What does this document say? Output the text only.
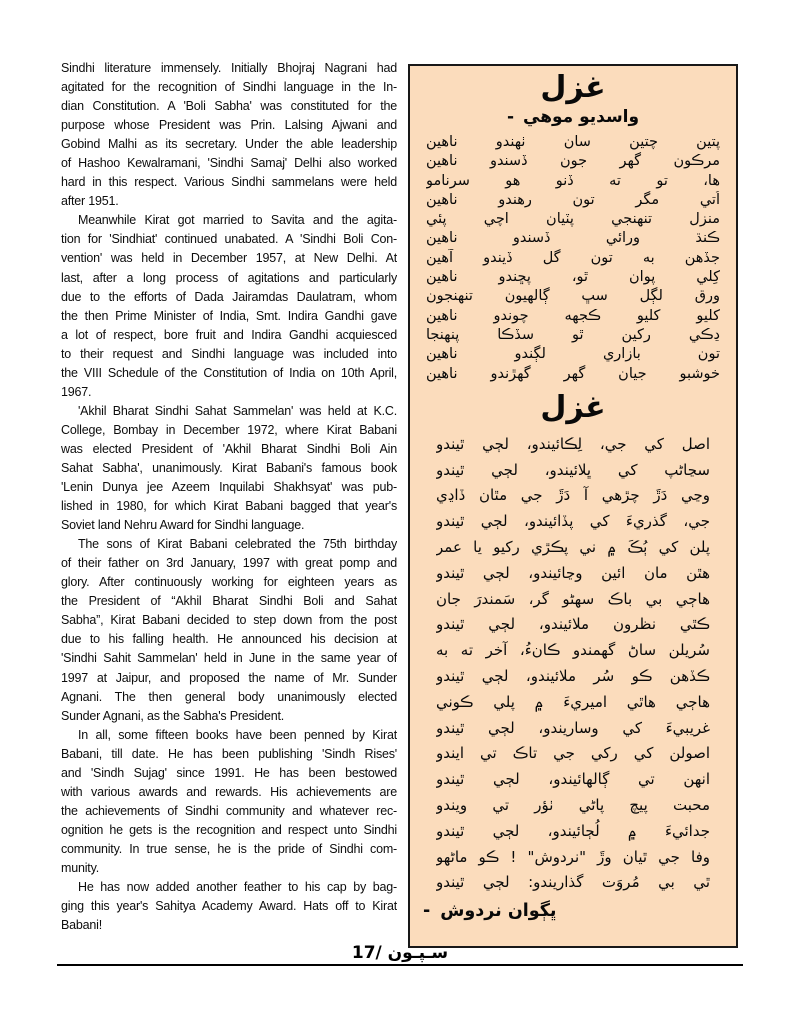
Sindhi literature immensely. Initially Bhojraj Nagrani had
agitated for the recognition of Sindhi language in the In-
dian Constitution. A 'Boli Sabha' was constituted for the
purpose whose President was Prin. Lalsing Ajwani and
Gobind Malhi as its secretary. Under the able leadership
of Hashoo Kewalramani, 'Sindhi Samaj' Delhi also worked
hard in this respect. Various Sindhi sammelans were held
after 1951.
Meanwhile Kirat got married to Savita and the agita-
tion for 'Sindhiat' continued unabated. A 'Sindhi Boli Con-
vention' was held in December 1957, at New Delhi. At
last, after a long process of agitations and particularly
due to the efforts of Dada Jairamdas Daulatram, whom
the then Prime Minister of India, Smt. Indira Gandhi gave
a lot of respect, bore fruit and Indira Gandhi acquiesced
to their request and Sindhi language was included into
the VIII Schedule of the Constitution of India on 10th April,
1967.
'Akhil Bharat Sindhi Sahat Sammelan' was held at K.C.
College, Bombay in December 1972, where Kirat Babani
was elected President of 'Akhil Bharat Sindhi Boli Ain
Sahat Sabha', unanimously. Kirat Babani's famous book
'Lenin Dunya jee Azeem Inquilabi Shakhsyat' was pub-
lished in 1980, for which Kirat Babani bagged that year's
Soviet land Nehru Award for Sindhi language.
The sons of Kirat Babani celebrated the 75th birthday
of their father on 3rd January, 1997 with great pomp and
glory. After continuously working for eighteen years as
the President of “Akhil Bharat Sindhi Boli and Sahat
Sabha”, Kirat Babani decided to step down from the post
due to his falling health. He announced his decision at
'Sindhi Sahit Sammelan' held in June in the same year of
1997 at Jaipur, and proposed the name of Mr. Sunder
Agnani. The then general body unanimously elected
Sunder Agnani, as the Sabha's President.
In all, some fifteen books have been penned by Kirat
Babani, till date. He has been publishing 'Sindh Rises'
and 'Sindh Sujag' since 1991. He has been bestowed
with various awards and rewards. His achievements are
the achievements of Sindhi community and whatever rec-
ognition he gets is the recognition and respect unto Sindhi
community. In true sense, he is the pride of Sindhi com-
munity.
He has now added another feather to his cap by bag-
ging this year's Sahitya Academy Award. Hats off to Kirat
Babani!
غزل
- واسديو موهي
پتين چتين سان ٺهندو ناهين
مرڪون گهر جون ڏسندو ناهين
ها، تو ته ڏنو هو سرنامو
اُتي مگر تون رهندو ناهين
منزل تنهنجي پٽيان اچي پئي
ڪنڌ ورائي ڏسندو ناهين
جڏهن به تون گل ڏيندو آهين
کِلي پوان ٿو، پڇندو ناهين
ورق لڳل سڀ ڳالهيون تنهنجون
کليو کليو ڪجهه چوندو ناهين
ڍڪي رکين ٿو سڏڪا پنهنجا
تون بازاري لڳندو ناهين
خوشبو جيان گهر گهڙندو ناهين
غزل
اصل کي جي، لِڪائيندو، لڄي ٿيندو
سڃاڻپ کي ڀلائيندو، لڄي ٿيندو
وڃي دَڙَ چڙهي آ دَڙَ جي مٿان ڏاڍي
جي، گذريءَ کي پڏائيندو، لڄي ٿيندو
پلن کي ٻُڪَ ۾ ني پڪڙي رکيو يا عمر
هٿن مان ائين وڃائيندو، لڄي ٿيندو
هاڄي بي باڪ سهڻو گر، سَمندرَ جان
ڪٿي نظرون ملائيندو، لڄي ٿيندو
سُريلن ساڻ گهمندو ڪانءُ، آخر ته به
ڪڏهن ڪو سُر ملائيندو، لڄي ٿيندو
هاڄي هاٿي اميريءَ ۾ پلي ڪوني
غريبيءَ کي وساريندو، لڄي ٿيندو
اصولن کي رکي جي تاڪ تي ايندو
انهن تي ڳالهائيندو، لڄي ٿيندو
محبت پيچ پاڻي ٺؤر تي ويندو
جدائيءَ ۾ لُڄائيندو، لڄي ٿيندو
وفا جي ٿيان وڙَ "نردوش" ! ڪو ماڻهو
ٿي بي مُروَت گذاريندو: لڄي ٿيندو
- ڀڳوان نردوش
سـپـون /17
